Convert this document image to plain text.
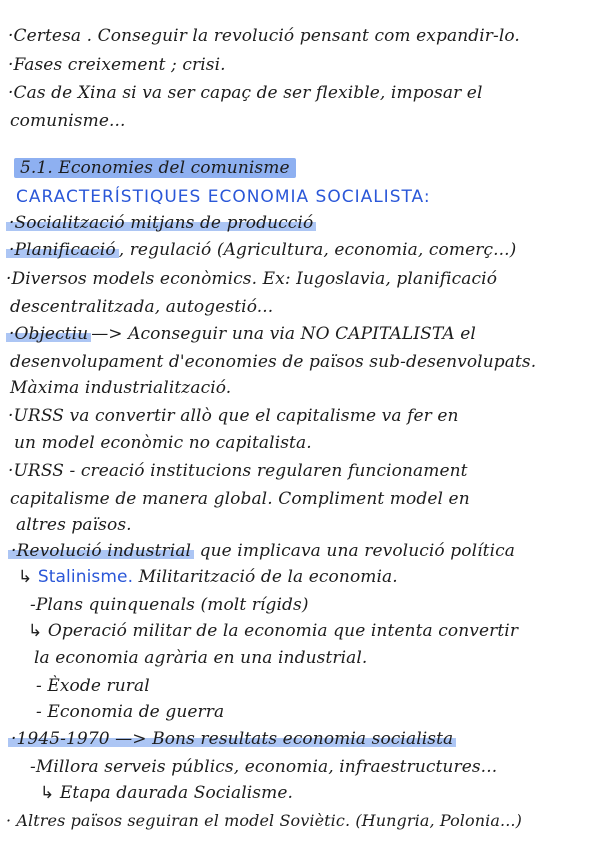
·Certesa . Conseguir la revolució pensant com expandir-lo.
·Fases creixement ; crisi.
·Cas de Xina si va ser capaç de ser flexible, imposar el
comunisme...
5.1. Economies del comunisme
CARACTERÍSTIQUES ECONOMIA SOCIALISTA:
·Socialització mitjans de producció
·Planificació , regulació (Agricultura, economia, comerç...)
·Diversos models econòmics. Ex: Iugoslavia, planificació
descentralitzada, autogestió...
·Objectiu —> Aconseguir una via NO CAPITALISTA el
desenvolupament d'economies de països sub-desenvolupats.
Màxima industrialització.
·URSS va convertir allò que el capitalisme va fer en
un model econòmic no capitalista.
·URSS - creació institucions regularen funcionament
capitalisme de manera global. Compliment model en
altres països.
·Revolució industrial que implicava una revolució política
↳ Stalinisme. Militarització de la economia.
-Plans quinquenals (molt rígids)
↳ Operació militar de la economia que intenta convertir
la economia agrària en una industrial.
- Èxode rural
- Economia de guerra
·1945-1970 —> Bons resultats economia socialista
-Millora serveis públics, economia, infraestructures...
↳ Etapa daurada Socialisme.
· Altres països seguiran el model Soviètic. (Hungria, Polonia...)
